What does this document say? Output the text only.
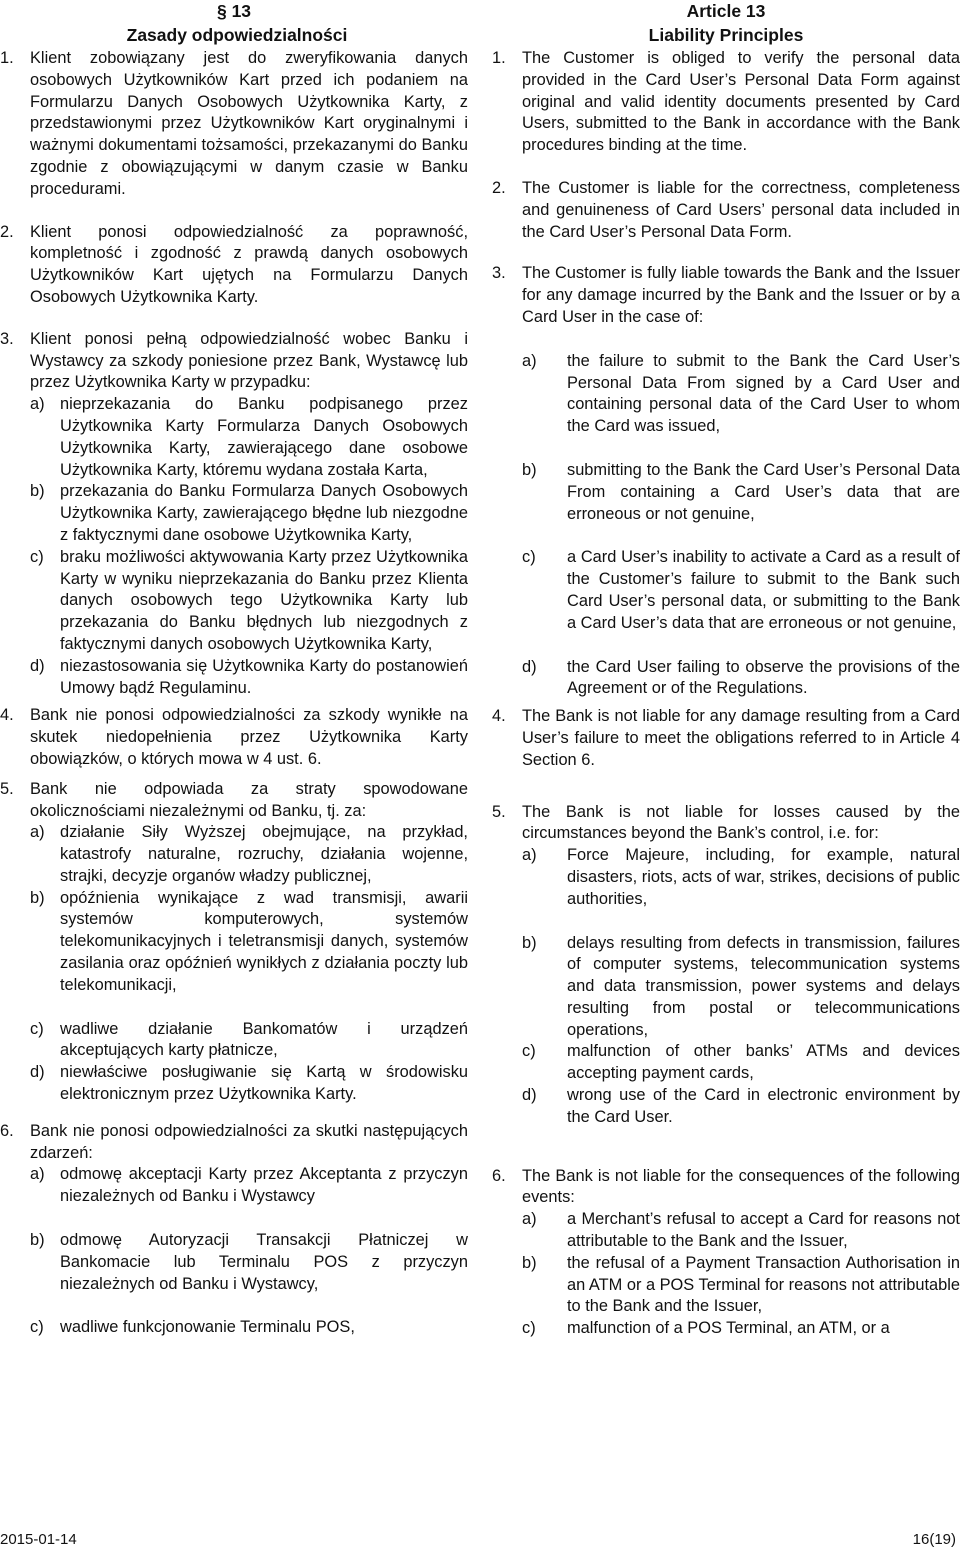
§ 13
Zasady odpowiedzialności
1. Klient zobowiązany jest do zweryfikowania danych osobowych Użytkowników Kart przed ich podaniem na Formularzu Danych Osobowych Użytkownika Karty, z przedstawionymi przez Użytkowników Kart oryginalnymi i ważnymi dokumentami tożsamości, przekazanymi do Banku zgodnie z obowiązującymi w danym czasie w Banku procedurami.
2. Klient ponosi odpowiedzialność za poprawność, kompletność i zgodność z prawdą danych osobowych Użytkowników Kart ujętych na Formularzu Danych Osobowych Użytkownika Karty.
3. Klient ponosi pełną odpowiedzialność wobec Banku i Wystawcy za szkody poniesione przez Bank, Wystawcę lub przez Użytkownika Karty w przypadku:
a) nieprzekazania do Banku podpisanego przez Użytkownika Karty Formularza Danych Osobowych Użytkownika Karty, zawierającego dane osobowe Użytkownika Karty, któremu wydana została Karta,
b) przekazania do Banku Formularza Danych Osobowych Użytkownika Karty, zawierającego błędne lub niezgodne z faktycznymi dane osobowe Użytkownika Karty,
c) braku możliwości aktywowania Karty przez Użytkownika Karty w wyniku nieprzekazania do Banku przez Klienta danych osobowych tego Użytkownika Karty lub przekazania do Banku błędnych lub niezgodnych z faktycznymi danych osobowych Użytkownika Karty,
d) niezastosowania się Użytkownika Karty do postanowień Umowy bądź Regulaminu.
4. Bank nie ponosi odpowiedzialności za szkody wynikłe na skutek niedopełnienia przez Użytkownika Karty obowiązków, o których mowa w 4 ust. 6.
5. Bank nie odpowiada za straty spowodowane okolicznościami niezależnymi od Banku, tj. za:
a) działanie Siły Wyższej obejmujące, na przykład, katastrofy naturalne, rozruchy, działania wojenne, strajki, decyzje organów władzy publicznej,
b) opóźnienia wynikające z wad transmisji, awarii systemów komputerowych, systemów telekomunikacyjnych i teletransmisji danych, systemów zasilania oraz opóźnień wynikłych z działania poczty lub telekomunikacji,
c) wadliwe działanie Bankomatów i urządzeń akceptujących karty płatnicze,
d) niewłaściwe posługiwanie się Kartą w środowisku elektronicznym przez Użytkownika Karty.
6. Bank nie ponosi odpowiedzialności za skutki następujących zdarzeń:
a) odmowę akceptacji Karty przez Akceptanta z przyczyn niezależnych od Banku i Wystawcy
b) odmowę Autoryzacji Transakcji Płatniczej w Bankomacie lub Terminalu POS z przyczyn niezależnych od Banku i Wystawcy,
c) wadliwe funkcjonowanie Terminalu POS,
Article 13
Liability Principles
1. The Customer is obliged to verify the personal data provided in the Card User’s Personal Data Form against original and valid identity documents presented by Card Users, submitted to the Bank in accordance with the Bank procedures binding at the time.
2. The Customer is liable for the correctness, completeness and genuineness of Card Users’ personal data included in the Card User’s Personal Data Form.
3. The Customer is fully liable towards the Bank and the Issuer for any damage incurred by the Bank and the Issuer or by a Card User in the case of:
a)	the failure to submit to the Bank the Card User’s Personal Data From signed by a Card User and containing personal data of the Card User to whom the Card was issued,
b)	submitting to the Bank the Card User’s Personal Data From containing a Card User’s data that are erroneous or not genuine,
c)	a Card User’s inability to activate a Card as a result of the Customer’s failure to submit to the Bank such Card User’s personal data, or submitting to the Bank a Card User’s data that are erroneous or not genuine,
d)	the Card User failing to observe the provisions of the Agreement or of the Regulations.
4. The Bank is not liable for any damage resulting from a Card User’s failure to meet the obligations referred to in Article 4 Section 6.
5. The Bank is not liable for losses caused by the circumstances beyond the Bank’s control, i.e. for:
a)	Force Majeure, including, for example, natural disasters, riots, acts of war, strikes, decisions of public authorities,
b)	delays resulting from defects in transmission, failures of computer systems, telecommunication systems and data transmission, power systems and delays resulting from postal or telecommunications operations,
c)	malfunction of other banks’ ATMs and devices accepting payment cards,
d)	wrong use of the Card in electronic environment by the Card User.
6. The Bank is not liable for the consequences of the following events:
a)	a Merchant’s refusal to accept a Card for reasons not attributable to the Bank and the Issuer,
b)	the refusal of a Payment Transaction Authorisation in an ATM or a POS Terminal for reasons not attributable to the Bank and the Issuer,
c)	malfunction of a POS Terminal, an ATM, or a
2015-01-14	16(19)
